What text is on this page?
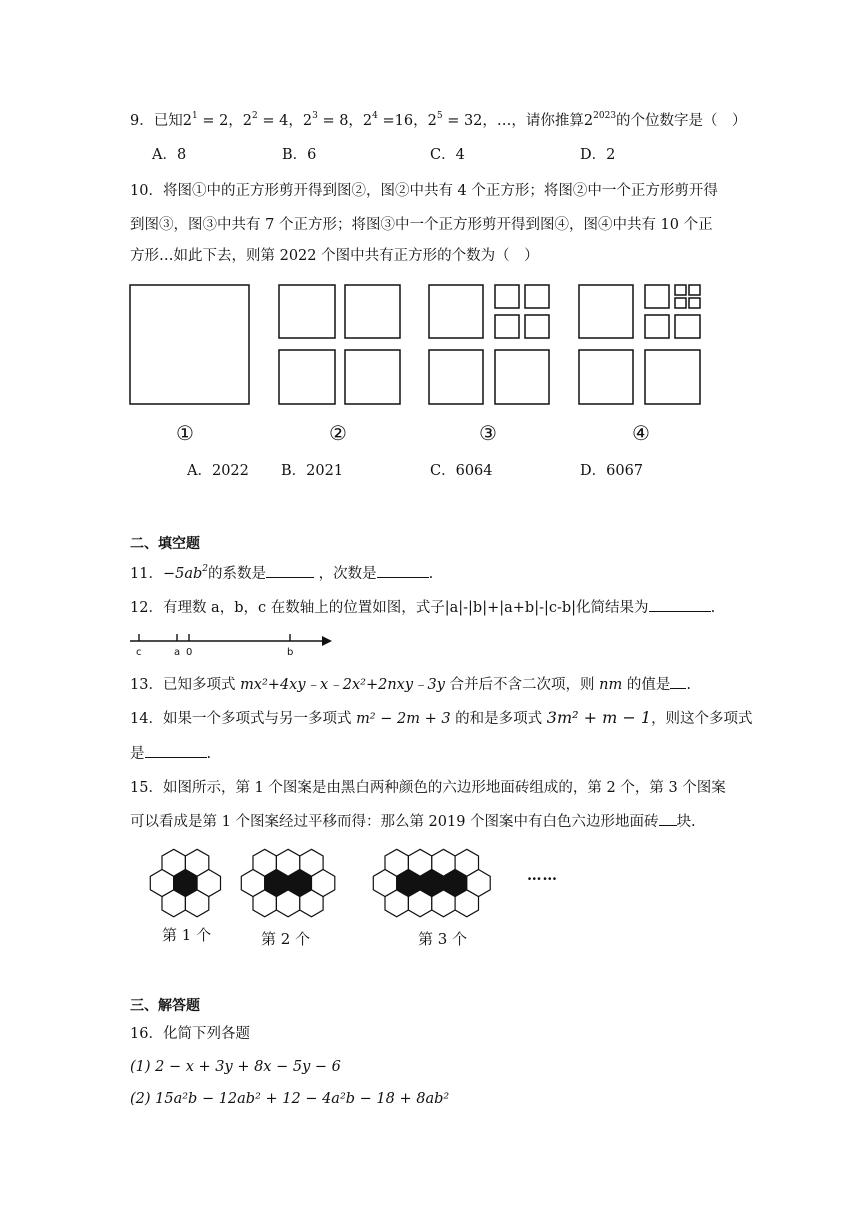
9．已知$2^1 = 2$，$2^2 = 4$，$2^3 = 8$，$2^4 =16$，$2^5 = 32$，…，请你推算$2^{2023}$的个位数字是（　）
A．8	B．6	C．4	D．2
10．将图①中的正方形剪开得到图②，图②中共有 4 个正方形；将图②中一个正方形剪开得
到图③，图③中共有 7 个正方形；将图③中一个正方形剪开得到图④，图④中共有 10 个正
方形…如此下去，则第 2022 个图中共有正方形的个数为（　）
①	②	③	④
A．2022 B．2021	C．6064	D．6067
二、填空题
11．$-5ab^2$的系数是	，次数是	.
12．有理数 a，b，c 在数轴上的位置如图，式子|a|-|b|+|a+b|-|c-b|化简结果为	.
c	a 0	b
13．已知多项式 mx²+4xy﹣x﹣2x²+2nxy﹣3y 合并后不含二次项，则 nm 的值是 .
14．如果一个多项式与另一多项式 m² − 2m + 3 的和是多项式 3m² + m − 1，则这个多项式
是	.
15．如图所示，第 1 个图案是由黑白两种颜色的六边形地面砖组成的，第 2 个，第 3 个图案
可以看成是第 1 个图案经过平移而得：那么第 2019 个图案中有白色六边形地面砖 块.
……
第 1 个	第 2 个	第 3 个
三、解答题
16．化简下列各题
(1) 2 − x + 3y + 8x − 5y − 6
(2) 15a²b − 12ab² + 12 − 4a²b − 18 + 8ab²
